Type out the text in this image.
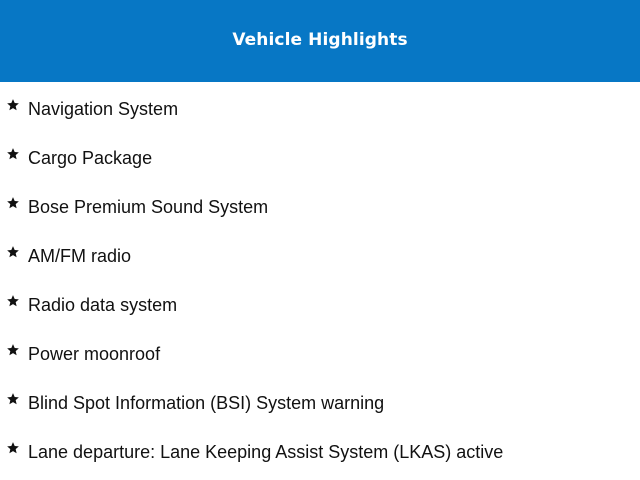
Vehicle Highlights
Navigation System
Cargo Package
Bose Premium Sound System
AM/FM radio
Radio data system
Power moonroof
Blind Spot Information (BSI) System warning
Lane departure: Lane Keeping Assist System (LKAS) active
